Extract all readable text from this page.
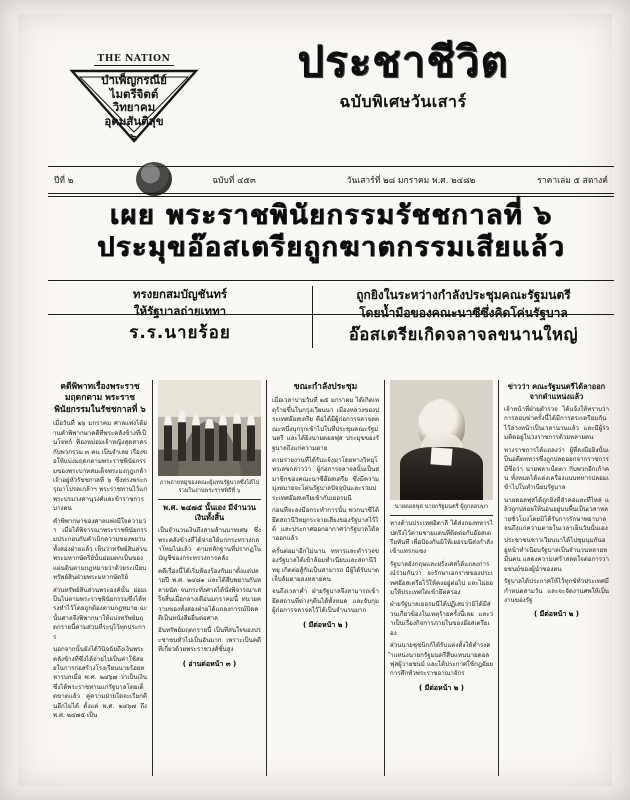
THE NATION
บำเพ็ญกรณีย์
ไมตรีจิตต์
วิทยาคม
อุดมสันติสุข
๖
ประชาชีวิต
ฉบับพิเศษวันเสาร์
ปีที่ ๒	ฉบับที่ ๔๕๓	วันเสาร์ที่ ๒๘ มกราคม พ.ศ. ๒๔๘๒	ราคาเล่ม ๕ สตางค์
เผย พระราชพินัยกรรมรัชชกาลที่ ๖
ประมุขอ๊อสเตรียถูกฆาตกรรมเสียแล้ว
ทรงยกสมบัญชันทร์
ให้รัฐบาลถ่ายเททา
ร.ร.นายร้อย
ถูกยิงในระหว่างกำลังประชุมคณะรัฐมนตรี
โดยน้ำมือของคณะนาซีซึ่งคิดโค่นรัฐบาล
อ๊อสเตรียเกิดจลาจลขนานใหญ่
คดีพิพาทเรื่องพระราชมฤดกตาม พระราชพินัยกรรมในรัชชกาลที่ ๖

เมื่อวันที่ ๒๖ มกราคม ศาลแพ่งได้อ่านคำพิพากษาคดีที่พระคลังข้างที่เป็นโจทก์ ฟ้องหม่อมเจ้าหญิงสุดสาคร กับพวกรวม ๓ คน เป็นจำเลย เรื่องขอให้แบ่งมฤดกตามพระราชพินัยกรรมของพระบาทสมเด็จพระมงกุฎเกล้าเจ้าอยู่หัวรัชชกาลที่ ๖ ซึ่งทรงพระกรุณาโปรดเกล้าฯ พระราชทานไว้แก่พระบรมวงศานุวงศ์และข้าราชการบางคน

คำพิพากษาของศาลแพ่งมีใจความว่า เมื่อได้พิจารณาพระราชพินัยกรรมประกอบกับคำเบิกความของพยานทั้งสองฝ่ายแล้ว เห็นว่าทรัพย์สินส่วนพระมหากษัตริย์นั้นย่อมตกเป็นของแผ่นดินตามกฎหมายว่าด้วยระเบียบทรัพย์สินฝ่ายพระมหากษัตริย์

ส่วนทรัพย์สินส่วนพระองค์นั้น ย่อมเป็นไปตามพระราชพินัยกรรมซึ่งได้ทรงทำไว้โดยถูกต้องตามกฎหมาย ฉะนั้นศาลจึงพิพากษาให้แบ่งทรัพย์มฤดกรายนี้ตามส่วนที่ระบุไว้ทุกประการ

นอกจากนั้นยังได้วินิจฉัยถึงเงินพระคลังข้างที่ซึ่งได้จ่ายไปเป็นค่าใช้สอยในการก่อสร้างโรงเรียนนายร้อยทหารบกเมื่อ พ.ศ. ๒๔๖๗ ว่าเป็นเงินซึ่งได้พระราชทานแก่รัฐบาลโดยเด็ดขาดแล้ว คู่ความฝ่ายใดจะเรียกคืนอีกไม่ได้ ตั้งแต่ พ.ศ. ๒๔๖๗ ถึง พ.ศ. ๒๔๗๕ เป็น

ภาพถ่ายหมู่ของคณะผู้แทนรัฐบาลซึ่งได้ไปร่วมในงานพระราชพิธีที่ ๖
พ.ศ. ๒๔๗๕ นั้นเอง มีจำนวนเงินทั้งสิ้น

เป็นจำนวนเงินถึงสามล้านบาทเศษ ซึ่งพระคลังข้างที่ได้จ่ายให้แก่กระทรวงกลาโหมไปแล้ว ตามหลักฐานที่ปรากฏในบัญชีของกระทรวงการคลัง

คดีเรื่องนี้ได้เริ่มฟ้องร้องกันมาตั้งแต่ปลายปี พ.ศ. ๒๔๘๑ และได้สืบพยานกันหลายนัด จนกระทั่งศาลได้นั่งพิจารณาเสร็จสิ้นเมื่อกลางเดือนมกราคมนี้ ทนายความของทั้งสองฝ่ายได้แถลงการณ์ปิดคดีเป็นหนังสือยื่นต่อศาล

อันทรัพย์มฤดกรายนี้ เป็นที่สนใจของประชาชนทั่วไปเป็นอันมาก เพราะเป็นคดีที่เกี่ยวด้วยพระราชวงศ์ชั้นสูง

( อ่านต่อหน้า ๓ )
ขณะกำลังประชุม

เมื่อเวลาบ่ายวันที่ ๒๕ มกราคม ได้เกิดเหตุร้ายขึ้นในกรุงเวียนนา เมืองหลวงของประเทศอ๊อสเตรีย คือได้มีผู้ก่อการจลาจลคณะหนึ่งบุกรุกเข้าไปในที่ประชุมคณะรัฐมนตรี และได้ยิงนายดอลฟุส ประมุขของรัฐบาลถึงแก่ความตาย

ตามรายงานที่ได้รับแจ้งมาโดยทางวิทยุโทรเลขกล่าวว่า ผู้ก่อการจลาจลนั้นเป็นสมาชิกของคณะนาซีอ๊อสเตรีย ซึ่งมีความมุ่งหมายจะโค่นรัฐบาลปัจจุบันและรวมประเทศอ๊อสเตรียเข้ากับเยอรมนี

ก่อนที่จะลงมือกระทำการนั้น พวกนาซีได้ยึดสถานีวิทยุกระจายเสียงของรัฐบาลไว้ได้ และประกาศออกอากาศว่ารัฐบาลได้ลาออกแล้ว

ครั้นต่อมาอีกไม่นาน ทหารและตำรวจของรัฐบาลได้เข้าล้อมทำเนียบและสถานีวิทยุ เกิดต่อสู้กันเป็นสามารถ มีผู้ได้รับบาดเจ็บล้มตายลงหลายคน

จนถึงเวลาค่ำ ฝ่ายรัฐบาลจึงสามารถเข้ายึดสถานที่ต่างๆคืนได้ทั้งหมด และจับกุมผู้ก่อการจลาจลไว้ได้เป็นจำนวนมาก

( มีต่อหน้า ๒ )
นายดอลฟุส นายกรัฐมนตรี ผู้ถูกลอบฆ่า

ทางด้านประเทศอิตาลี ได้ส่งกองทหารไปตรึงไว้ตามชายแดนที่ติดต่อกับอ๊อสเตรียทันที เพื่อป้องกันมิให้เยอรมนีส่งกำลังเข้าแทรกแซง

รัฐบาลอังกฤษและฝรั่งเศสได้แถลงการณ์ร่วมกันว่า จะรักษาเอกราชของประเทศอ๊อสเตรียไว้ให้คงอยู่ต่อไป และไม่ยอมให้ประเทศใดเข้ายึดครอง

ฝ่ายรัฐบาลเยอรมนีได้ปฏิเสธว่ามิได้มีส่วนเกี่ยวข้องในเหตุร้ายครั้งนี้เลย และว่าเป็นเรื่องกิจการภายในของอ๊อสเตรียเอง

ส่วนนายชุชนิกก์ได้รับแต่งตั้งให้ดำรงตำแหน่งนายกรัฐมนตรีสืบแทนนายดอลฟุสผู้วายชนม์ และได้ประกาศใช้กฎอัยยการศึกทั่วพระราชอาณาจักร

( มีต่อหน้า ๒ )
ข่าวว่า คณะรัฐมนตรีได้ลาออกจากตำแหน่งแล้ว

เจ้าหน้าที่ฝ่ายตำรวจ ได้แจ้งให้ทราบว่าการลอบฆ่าครั้งนี้ได้มีการตระเตรียมกันไว้ล่วงหน้าเป็นเวลานานแล้ว และมีผู้ร่วมคิดอยู่ในวงราชการด้วยหลายคน

ทางราชการได้แถลงว่า ผู้ที่ลงมือยิงนั้นเป็นอดีตทหารซึ่งถูกปลดออกจากราชการ มีชื่อว่า นายพลาเน็ตตา กับพวกอีกเก้าคน ทั้งหมดได้แต่งเครื่องแบบทหารปลอมเข้าไปในทำเนียบรัฐบาล

นายดอลฟุสได้ถูกยิงที่ลำคอและที่ไหล่ แล้วถูกปล่อยให้นอนอยู่บนพื้นเป็นเวลาหลายชั่วโมงโดยมิได้รับการรักษาพยาบาล จนถึงแก่ความตายในเวลาเย็นวันนั้นเอง

ประชาชนชาวเวียนนาได้ไปชุมนุมกันอยู่หน้าทำเนียบรัฐบาลเป็นจำนวนหลายหมื่นคน แสดงความเศร้าสลดใจต่อการวายชนม์ของผู้นำของตน

รัฐบาลได้ประกาศให้ไว้ทุกข์ทั่วประเทศมีกำหนดสามวัน และจะจัดงานศพให้เป็นงานของรัฐ

( มีต่อหน้า ๒ )
